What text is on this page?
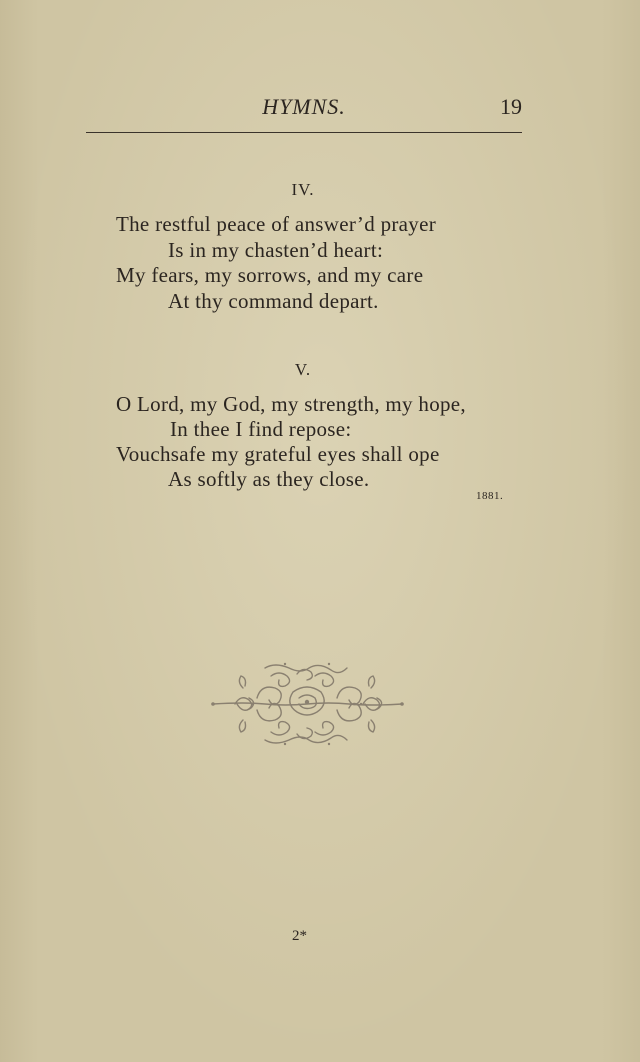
HYMNS.	19
IV.
The restful peace of answer’d prayer
Is in my chasten’d heart:
My fears, my sorrows, and my care
At thy command depart.
V.
O Lord, my God, my strength, my hope,
In thee I find repose:
Vouchsafe my grateful eyes shall ope
As softly as they close.
1881.
2*
